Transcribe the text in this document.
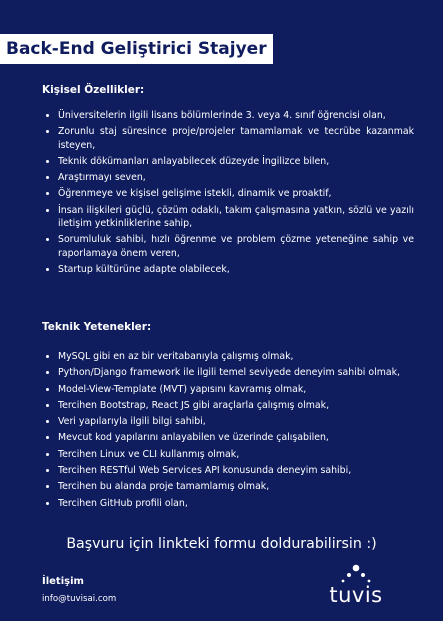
Back-End Geliştirici Stajyer
Kişisel Özellikler:
• Üniversitelerin ilgili lisans bölümlerinde 3. veya 4. sınıf öğrencisi olan,
• Zorunlu staj süresince proje/projeler tamamlamak ve tecrübe kazanmak isteyen,
• Teknik dökümanları anlayabilecek düzeyde İngilizce bilen,
• Araştırmayı seven,
• Öğrenmeye ve kişisel gelişime istekli, dinamik ve proaktif,
• İnsan ilişkileri güçlü, çözüm odaklı, takım çalışmasına yatkın, sözlü ve yazılı iletişim yetkinliklerine sahip,
• Sorumluluk sahibi, hızlı öğrenme ve problem çözme yeteneğine sahip ve raporlamaya önem veren,
• Startup kültürüne adapte olabilecek,
Teknik Yetenekler:
• MySQL gibi en az bir veritabanıyla çalışmış olmak,
• Python/Django framework ile ilgili temel seviyede deneyim sahibi olmak,
• Model-View-Template (MVT) yapısını kavramış olmak,
• Tercihen Bootstrap, React JS gibi araçlarla çalışmış olmak,
• Veri yapılarıyla ilgili bilgi sahibi,
• Mevcut kod yapılarını anlayabilen ve üzerinde çalışabilen,
• Tercihen Linux ve CLI kullanmış olmak,
• Tercihen RESTful Web Services API konusunda deneyim sahibi,
• Tercihen bu alanda proje tamamlamış olmak,
• Tercihen GitHub profili olan,
Başvuru için linkteki formu doldurabilirsin :)
İletişim
info@tuvisai.com	tuvis
